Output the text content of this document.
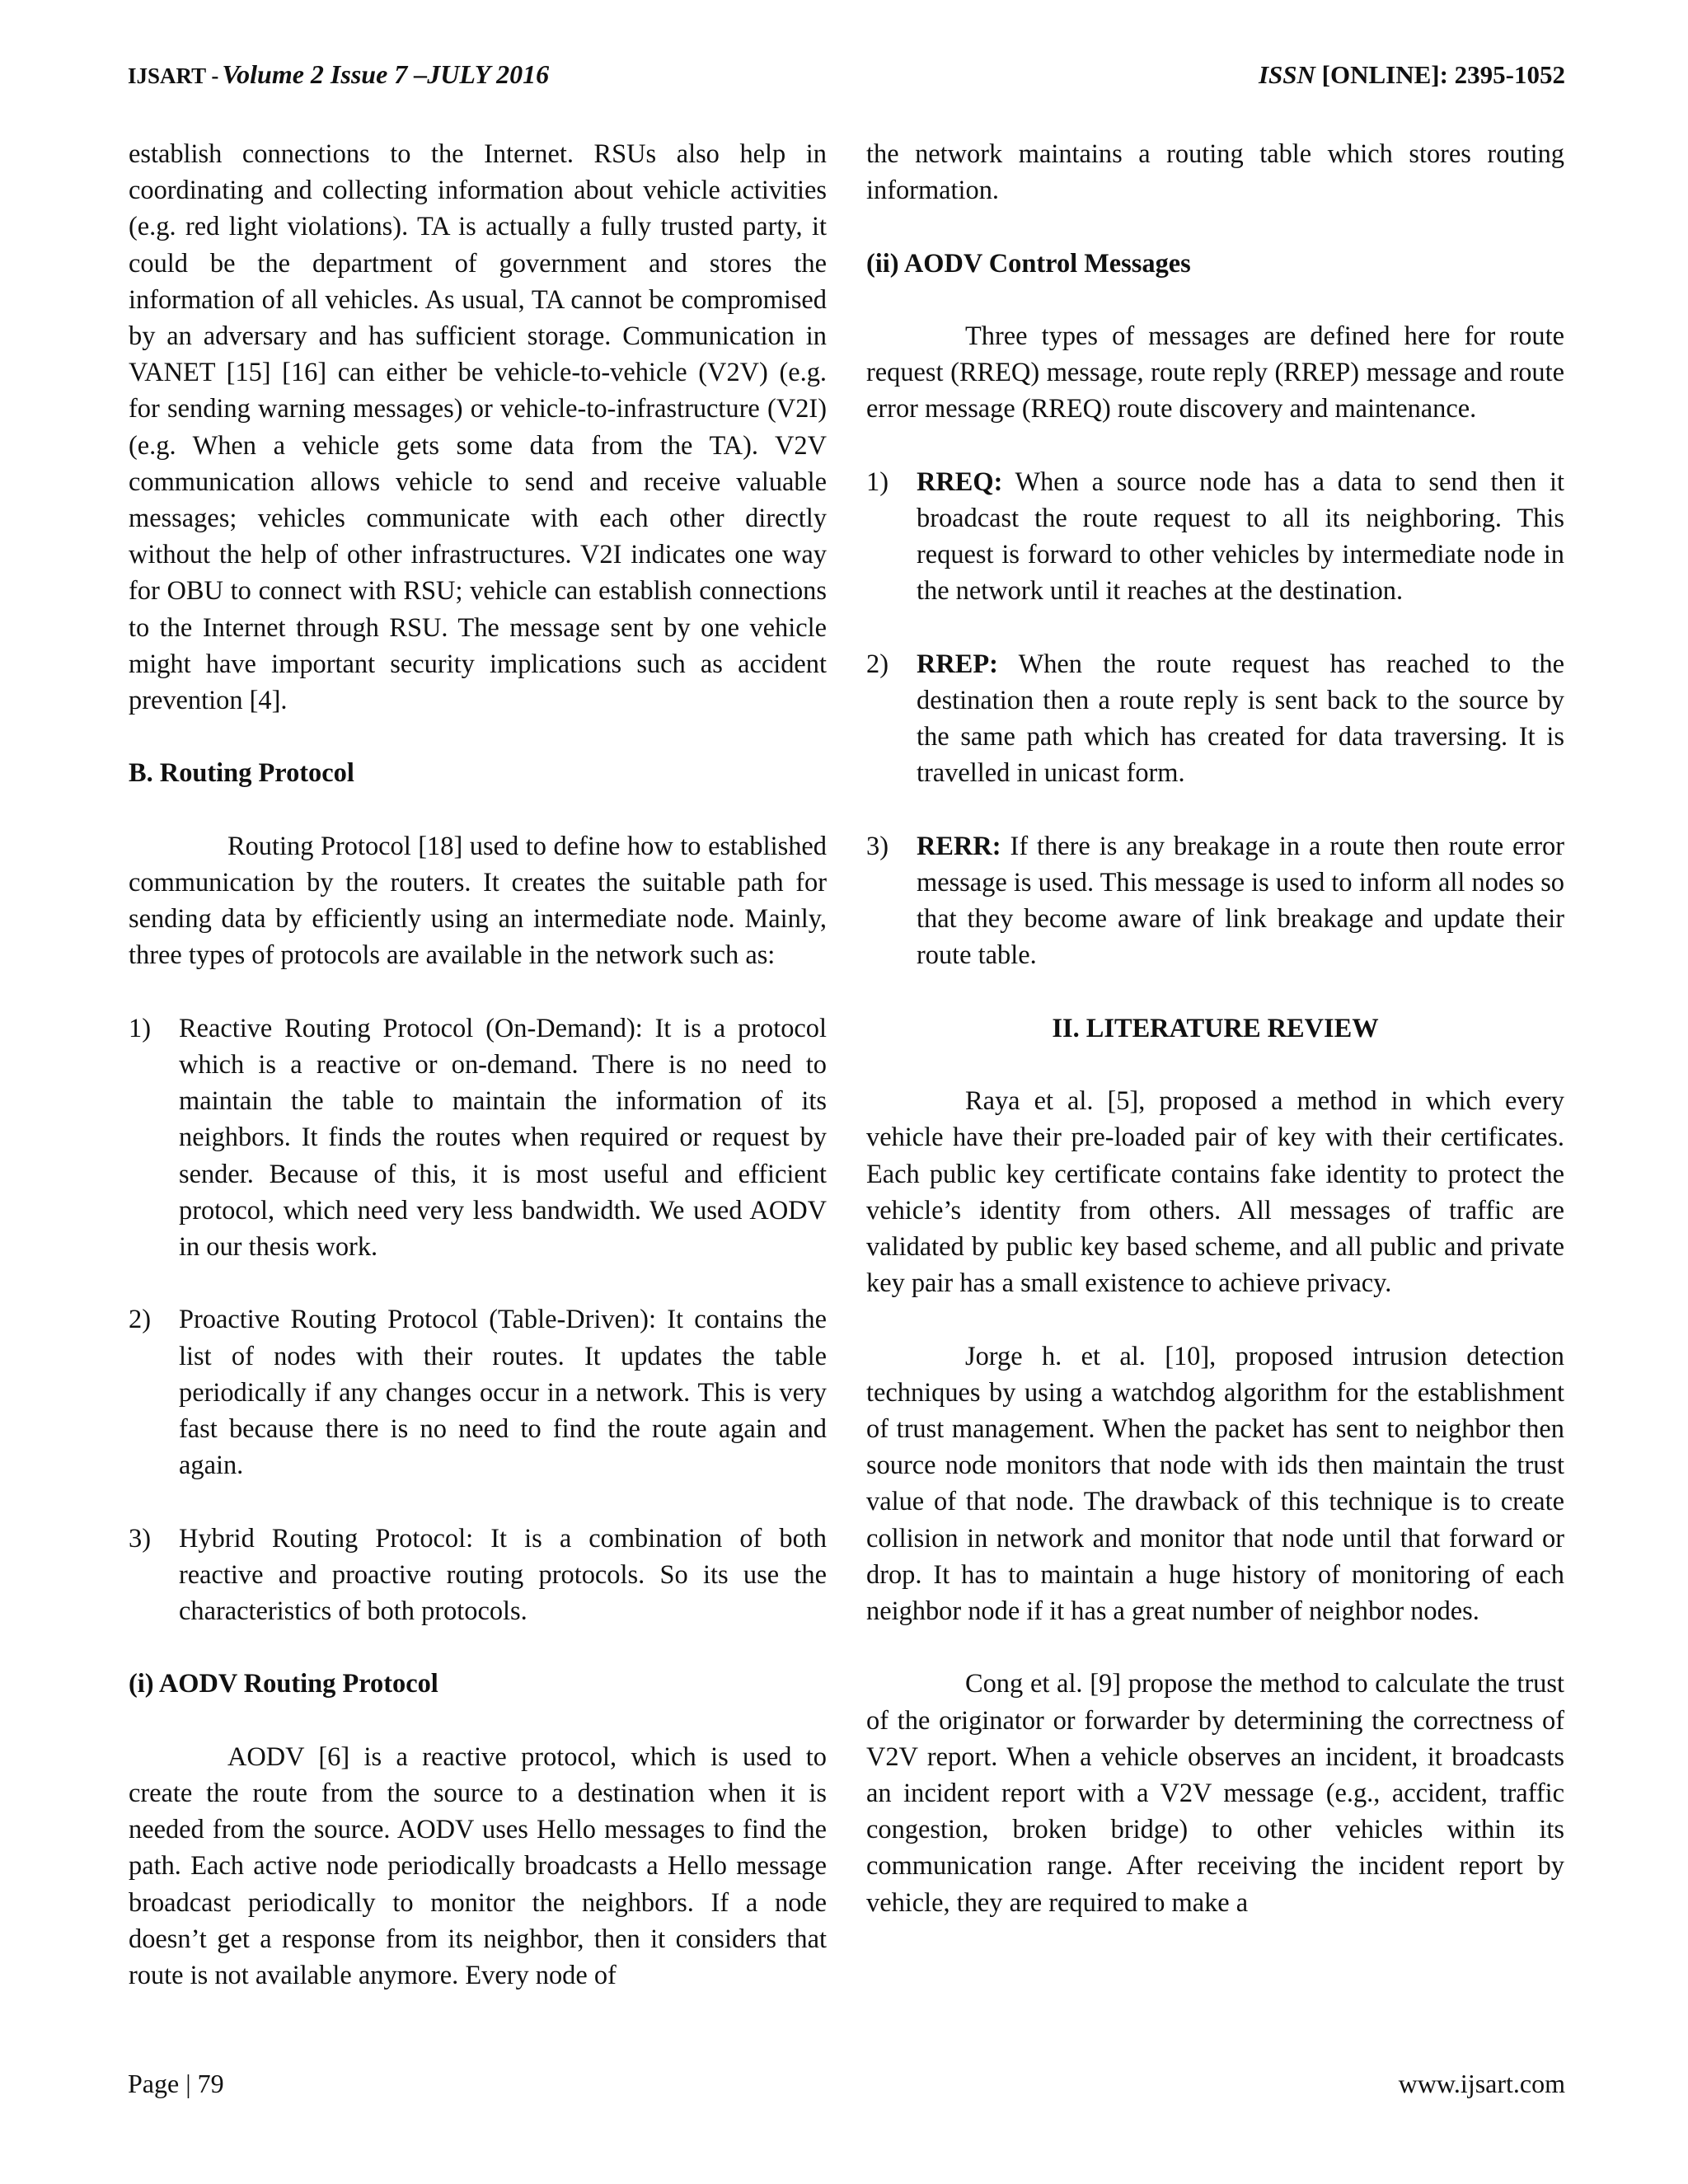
IJSART - Volume 2 Issue 7 –JULY 2016	ISSN [ONLINE]: 2395-1052

establish connections to the Internet. RSUs also help in coordinating and collecting information about vehicle activities (e.g. red light violations). TA is actually a fully trusted party, it could be the department of government and stores the information of all vehicles. As usual, TA cannot be compromised by an adversary and has sufficient storage. Communication in VANET [15] [16] can either be vehicle-to-vehicle (V2V) (e.g. for sending warning messages) or vehicle-to-infrastructure (V2I) (e.g. When a vehicle gets some data from the TA). V2V communication allows vehicle to send and receive valuable messages; vehicles communicate with each other directly without the help of other infrastructures. V2I indicates one way for OBU to connect with RSU; vehicle can establish connections to the Internet through RSU. The message sent by one vehicle might have important security implications such as accident prevention [4].

B. Routing Protocol

Routing Protocol [18] used to define how to established communication by the routers. It creates the suitable path for sending data by efficiently using an intermediate node. Mainly, three types of protocols are available in the network such as:

1)	Reactive Routing Protocol (On-Demand): It is a protocol which is a reactive or on-demand. There is no need to maintain the table to maintain the information of its neighbors. It finds the routes when required or request by sender. Because of this, it is most useful and efficient protocol, which need very less bandwidth. We used AODV in our thesis work.
2)	Proactive Routing Protocol (Table-Driven): It contains the list of nodes with their routes. It updates the table periodically if any changes occur in a network. This is very fast because there is no need to find the route again and again.
3)	Hybrid Routing Protocol: It is a combination of both reactive and proactive routing protocols. So its use the characteristics of both protocols.

(i) AODV Routing Protocol

AODV [6] is a reactive protocol, which is used to create the route from the source to a destination when it is needed from the source. AODV uses Hello messages to find the path. Each active node periodically broadcasts a Hello message broadcast periodically to monitor the neighbors. If a node doesn’t get a response from its neighbor, then it considers that route is not available anymore. Every node of

the network maintains a routing table which stores routing information.

(ii) AODV Control Messages

Three types of messages are defined here for route request (RREQ) message, route reply (RREP) message and route error message (RREQ) route discovery and maintenance.

1)	RREQ: When a source node has a data to send then it broadcast the route request to all its neighboring. This request is forward to other vehicles by intermediate node in the network until it reaches at the destination.
2)	RREP: When the route request has reached to the destination then a route reply is sent back to the source by the same path which has created for data traversing. It is travelled in unicast form.
3)	RERR: If there is any breakage in a route then route error message is used. This message is used to inform all nodes so that they become aware of link breakage and update their route table.

II. LITERATURE REVIEW

Raya et al. [5], proposed a method in which every vehicle have their pre-loaded pair of key with their certificates. Each public key certificate contains fake identity to protect the vehicle’s identity from others. All messages of traffic are validated by public key based scheme, and all public and private key pair has a small existence to achieve privacy.

Jorge h. et al. [10], proposed intrusion detection techniques by using a watchdog algorithm for the establishment of trust management. When the packet has sent to neighbor then source node monitors that node with ids then maintain the trust value of that node. The drawback of this technique is to create collision in network and monitor that node until that forward or drop. It has to maintain a huge history of monitoring of each neighbor node if it has a great number of neighbor nodes.

Cong et al. [9] propose the method to calculate the trust of the originator or forwarder by determining the correctness of V2V report. When a vehicle observes an incident, it broadcasts an incident report with a V2V message (e.g., accident, traffic congestion, broken bridge) to other vehicles within its communication range. After receiving the incident report by vehicle, they are required to make a

Page | 79	www.ijsart.com
